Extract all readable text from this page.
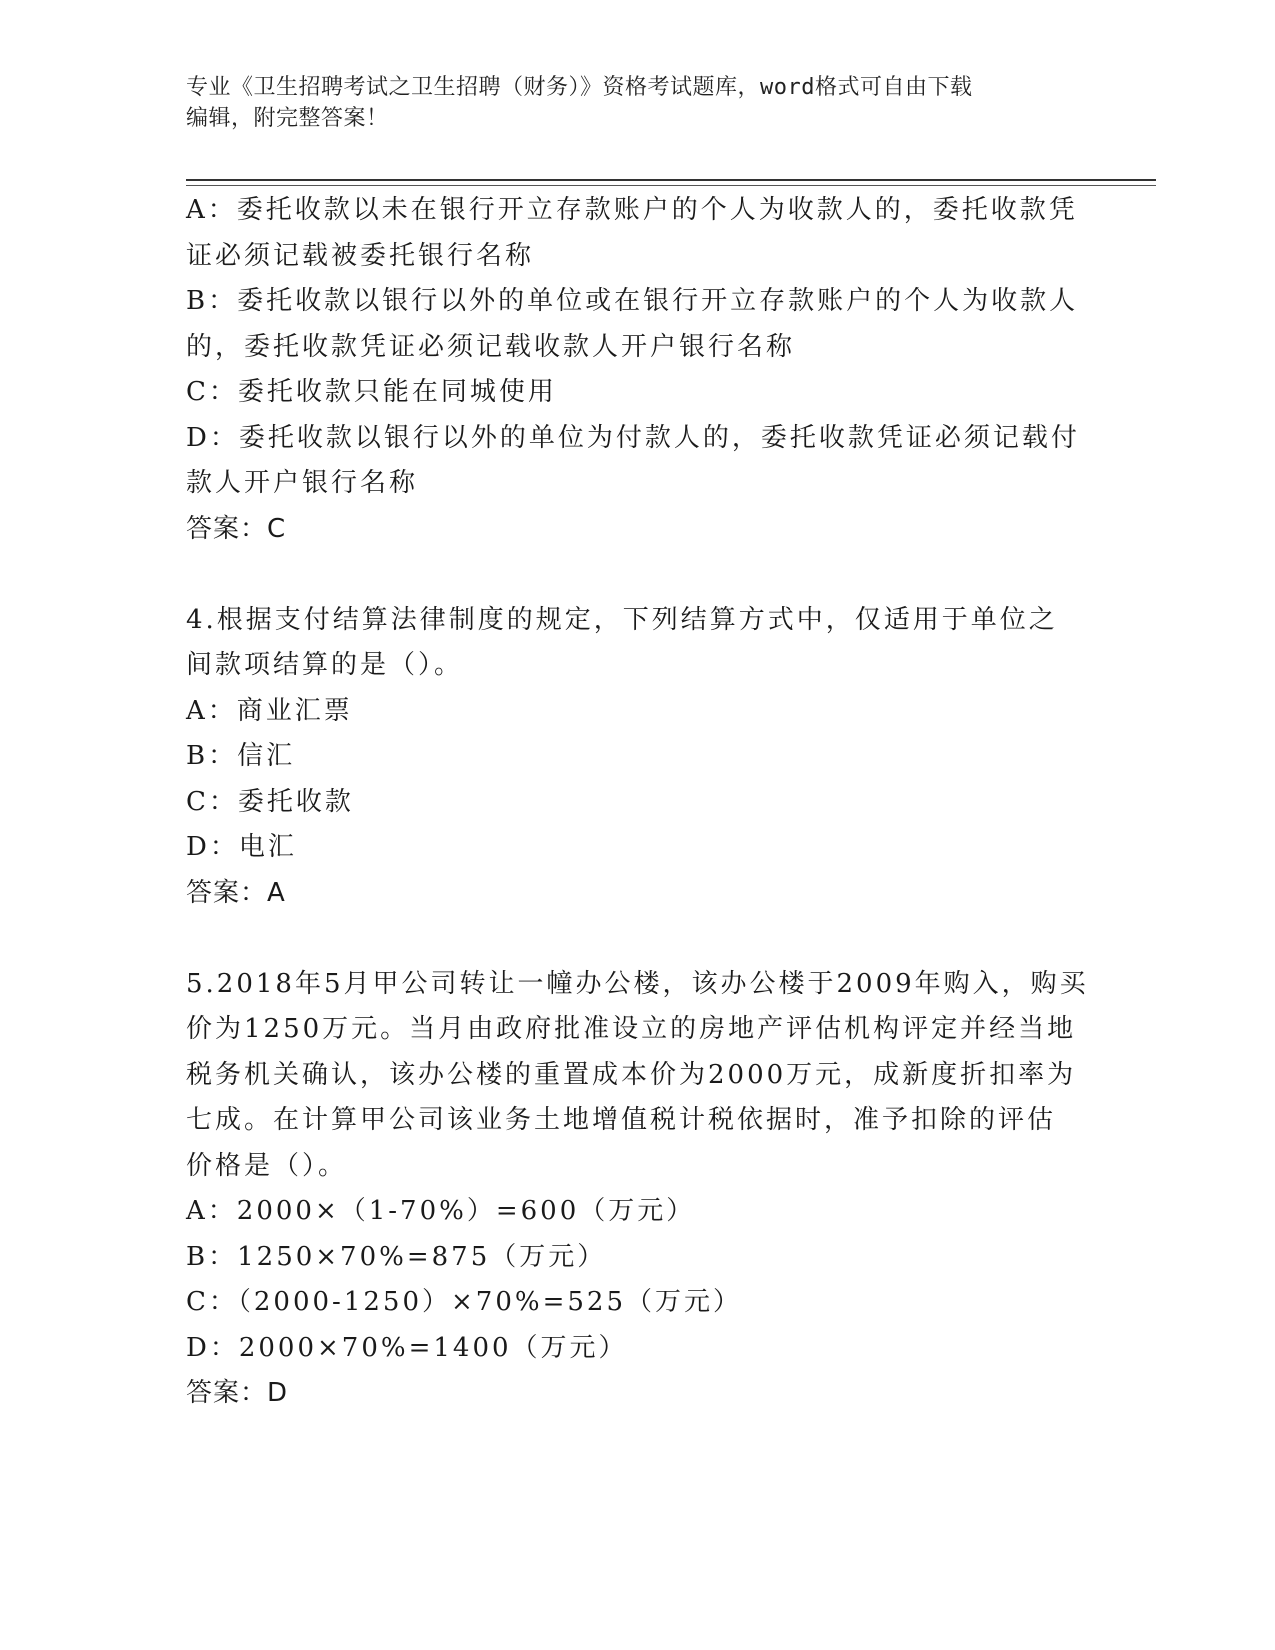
专业《卫生招聘考试之卫生招聘（财务）》资格考试题库，word格式可自由下载
编辑，附完整答案！
A：委托收款以未在银行开立存款账户的个人为收款人的，委托收款凭
证必须记载被委托银行名称
B：委托收款以银行以外的单位或在银行开立存款账户的个人为收款人
的，委托收款凭证必须记载收款人开户银行名称
C：委托收款只能在同城使用
D：委托收款以银行以外的单位为付款人的，委托收款凭证必须记载付
款人开户银行名称
答案：C
4.根据支付结算法律制度的规定，下列结算方式中，仅适用于单位之
间款项结算的是（）。
A：商业汇票
B：信汇
C：委托收款
D：电汇
答案：A
5.2018年5月甲公司转让一幢办公楼，该办公楼于2009年购入，购买
价为1250万元。当月由政府批准设立的房地产评估机构评定并经当地
税务机关确认，该办公楼的重置成本价为2000万元，成新度折扣率为
七成。在计算甲公司该业务土地增值税计税依据时，准予扣除的评估
价格是（）。
A：2000×（1-70%）=600（万元）
B：1250×70%=875（万元）
C：（2000-1250）×70%=525（万元）
D：2000×70%=1400（万元）
答案：D
